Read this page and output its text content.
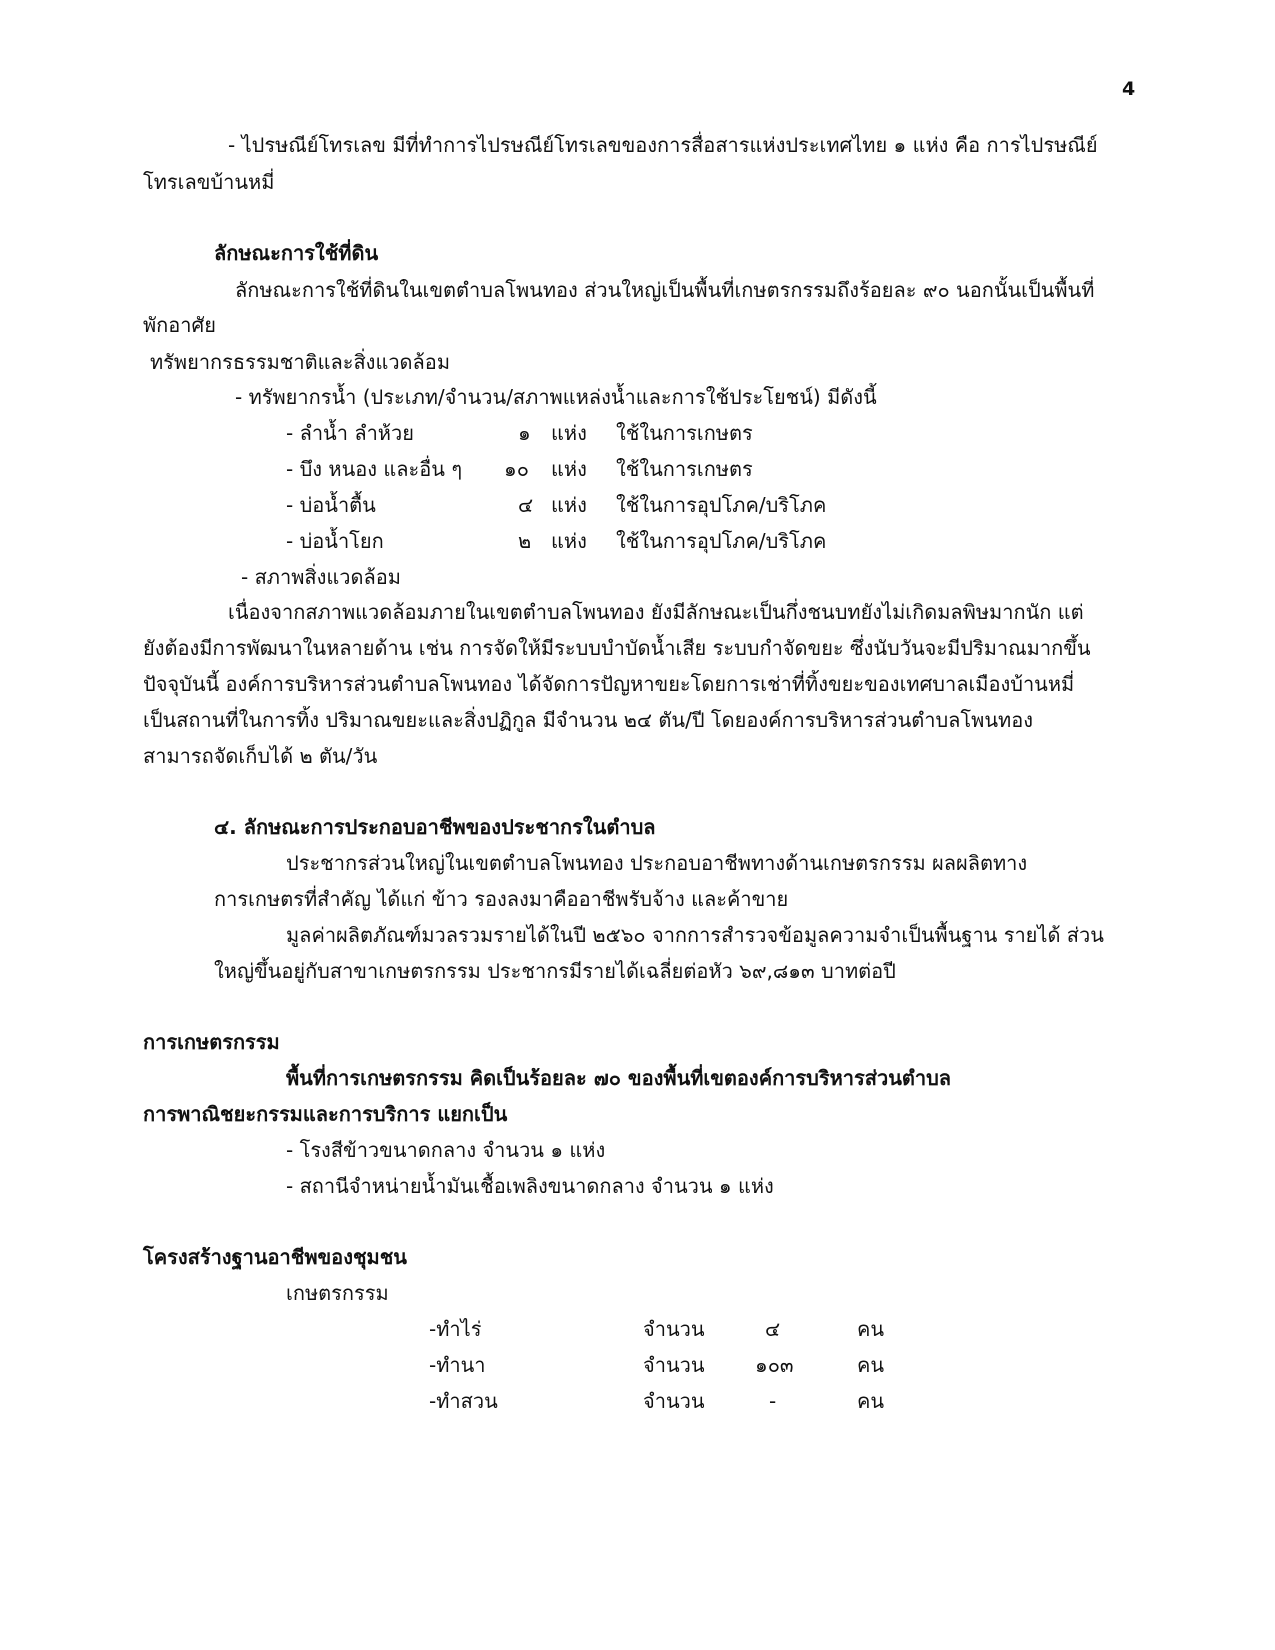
4
- ไปรษณีย์โทรเลข มีที่ทำการไปรษณีย์โทรเลขของการสื่อสารแห่งประเทศไทย ๑ แห่ง คือ การไปรษณีย์
โทรเลขบ้านหมี่
ลักษณะการใช้ที่ดิน
ลักษณะการใช้ที่ดินในเขตตำบลโพนทอง ส่วนใหญ่เป็นพื้นที่เกษตรกรรมถึงร้อยละ ๙๐ นอกนั้นเป็นพื้นที่
พักอาศัย
ทรัพยากรธรรมชาติและสิ่งแวดล้อม
- ทรัพยากรน้ำ (ประเภท/จำนวน/สภาพแหล่งน้ำและการใช้ประโยชน์) มีดังนี้
- ลำน้ำ ลำห้วย	๑ แห่ง ใช้ในการเกษตร
- บึง หนอง และอื่น ๆ ๑๐ แห่ง ใช้ในการเกษตร
- บ่อน้ำตื้น	๔ แห่ง ใช้ในการอุปโภค/บริโภค
- บ่อน้ำโยก	๒ แห่ง ใช้ในการอุปโภค/บริโภค
- สภาพสิ่งแวดล้อม
เนื่องจากสภาพแวดล้อมภายในเขตตำบลโพนทอง ยังมีลักษณะเป็นกึ่งชนบทยังไม่เกิดมลพิษมากนัก แต่
ยังต้องมีการพัฒนาในหลายด้าน เช่น การจัดให้มีระบบบำบัดน้ำเสีย ระบบกำจัดขยะ ซึ่งนับวันจะมีปริมาณมากขึ้น
ปัจจุบันนี้ องค์การบริหารส่วนตำบลโพนทอง ได้จัดการปัญหาขยะโดยการเช่าที่ทิ้งขยะของเทศบาลเมืองบ้านหมี่
เป็นสถานที่ในการทิ้ง ปริมาณขยะและสิ่งปฏิกูล มีจำนวน ๒๔ ตัน/ปี โดยองค์การบริหารส่วนตำบลโพนทอง
สามารถจัดเก็บได้ ๒ ตัน/วัน
๔. ลักษณะการประกอบอาชีพของประชากรในตำบล
ประชากรส่วนใหญ่ในเขตตำบลโพนทอง ประกอบอาชีพทางด้านเกษตรกรรม ผลผลิตทาง
การเกษตรที่สำคัญ ได้แก่ ข้าว รองลงมาคืออาชีพรับจ้าง และค้าขาย
มูลค่าผลิตภัณฑ์มวลรวมรายได้ในปี ๒๕๖๐ จากการสำรวจข้อมูลความจำเป็นพื้นฐาน รายได้ ส่วน
ใหญ่ขึ้นอยู่กับสาขาเกษตรกรรม ประชากรมีรายได้เฉลี่ยต่อหัว ๖๙,๘๑๓ บาทต่อปี
การเกษตรกรรม
พื้นที่การเกษตรกรรม คิดเป็นร้อยละ ๗๐ ของพื้นที่เขตองค์การบริหารส่วนตำบล
การพาณิชยะกรรมและการบริการ แยกเป็น
- โรงสีข้าวขนาดกลาง จำนวน ๑ แห่ง
- สถานีจำหน่ายน้ำมันเชื้อเพลิงขนาดกลาง จำนวน ๑ แห่ง
โครงสร้างฐานอาชีพของชุมชน
เกษตรกรรม
-ทำไร่	จำนวน	๔	คน
-ทำนา	จำนวน	๑๐๓	คน
-ทำสวน	จำนวน	-	คน
